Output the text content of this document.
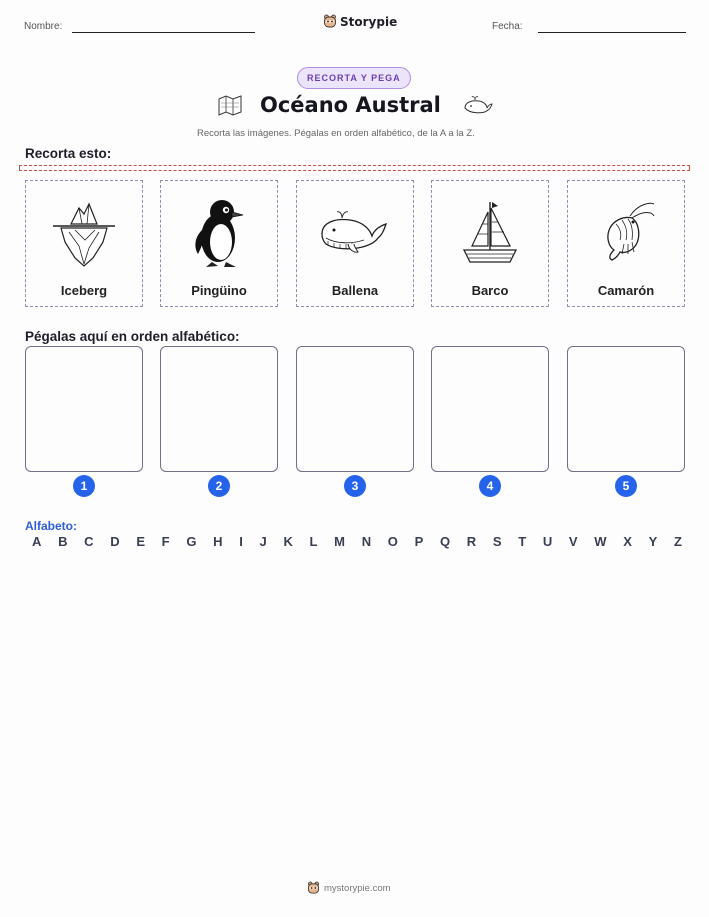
Nombre:	Storypie	Fecha:
RECORTA Y PEGA
Océano Austral
Recorta las imágenes. Pégalas en orden alfabético, de la A a la Z.
Recorta esto:
Iceberg	Pingüino	Ballena	Barco	Camarón
Pégalas aquí en orden alfabético:
1	2	3	4	5
Alfabeto:
A B C D E F G H I J K L M N O P Q R S T U V W X Y Z
mystorypie.com
